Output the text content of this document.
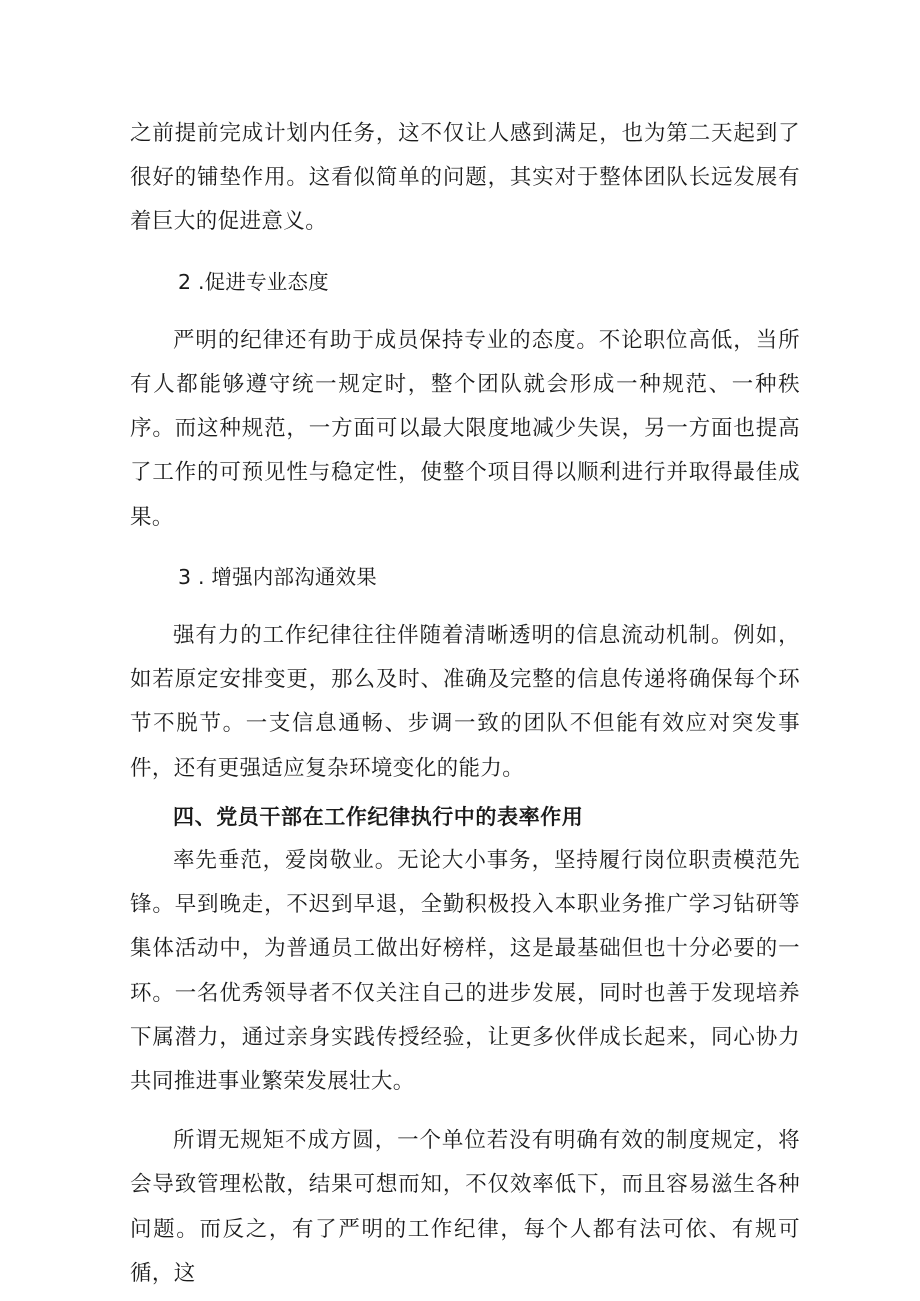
之前提前完成计划内任务，这不仅让人感到满足，也为第二天起到了很好的铺垫作用。这看似简单的问题，其实对于整体团队长远发展有着巨大的促进意义。

2 .促进专业态度

严明的纪律还有助于成员保持专业的态度。不论职位高低，当所有人都能够遵守统一规定时，整个团队就会形成一种规范、一种秩序。而这种规范，一方面可以最大限度地减少失误，另一方面也提高了工作的可预见性与稳定性，使整个项目得以顺利进行并取得最佳成果。

3 . 增强内部沟通效果

强有力的工作纪律往往伴随着清晰透明的信息流动机制。例如，如若原定安排变更，那么及时、准确及完整的信息传递将确保每个环节不脱节。一支信息通畅、步调一致的团队不但能有效应对突发事件，还有更强适应复杂环境变化的能力。

四、党员干部在工作纪律执行中的表率作用

率先垂范，爱岗敬业。无论大小事务，坚持履行岗位职责模范先锋。早到晚走，不迟到早退，全勤积极投入本职业务推广学习钻研等集体活动中，为普通员工做出好榜样，这是最基础但也十分必要的一环。一名优秀领导者不仅关注自己的进步发展，同时也善于发现培养下属潜力，通过亲身实践传授经验，让更多伙伴成长起来，同心协力共同推进事业繁荣发展壮大。

所谓无规矩不成方圆，一个单位若没有明确有效的制度规定，将会导致管理松散，结果可想而知，不仅效率低下，而且容易滋生各种问题。而反之，有了严明的工作纪律，每个人都有法可依、有规可循，这
